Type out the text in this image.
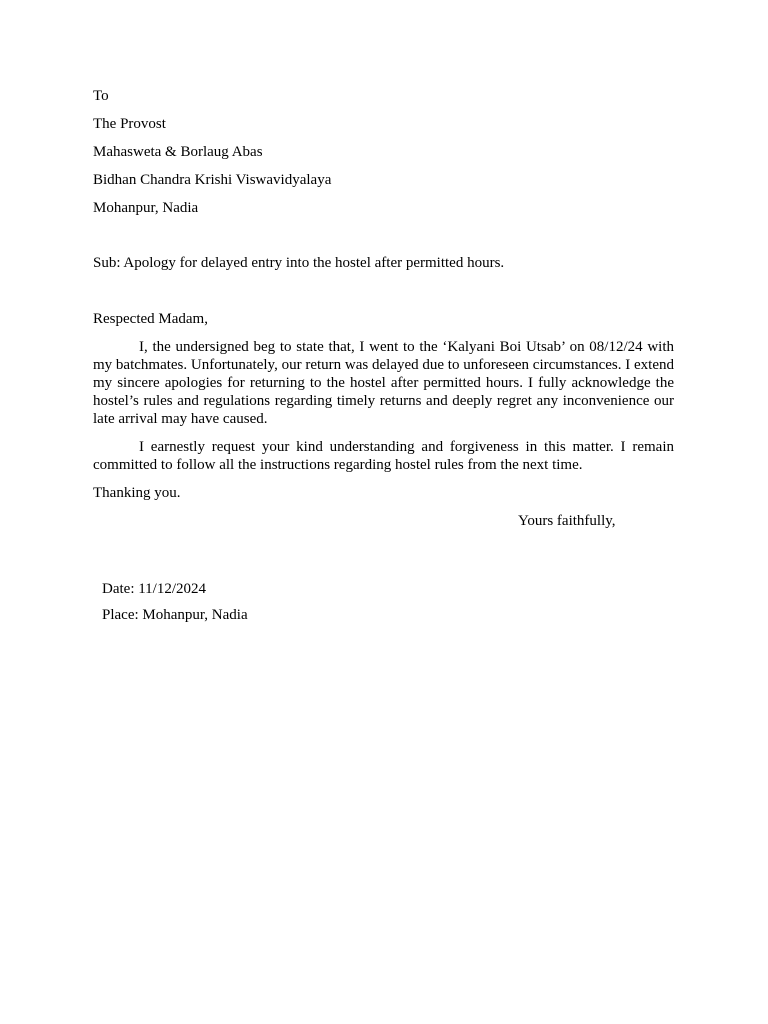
To
The Provost
Mahasweta & Borlaug Abas
Bidhan Chandra Krishi Viswavidyalaya
Mohanpur, Nadia
Sub: Apology for delayed entry into the hostel after permitted hours.
Respected Madam,

I, the undersigned beg to state that, I went to the ‘Kalyani Boi Utsab’ on 08/12/24 with my batchmates. Unfortunately, our return was delayed due to unforeseen circumstances. I extend my sincere apologies for returning to the hostel after permitted hours. I fully acknowledge the hostel’s rules and regulations regarding timely returns and deeply regret any inconvenience our late arrival may have caused.

I earnestly request your kind understanding and forgiveness in this matter. I remain committed to follow all the instructions regarding hostel rules from the next time.

Thanking you.
Yours faithfully,
Date: 11/12/2024
Place: Mohanpur, Nadia
